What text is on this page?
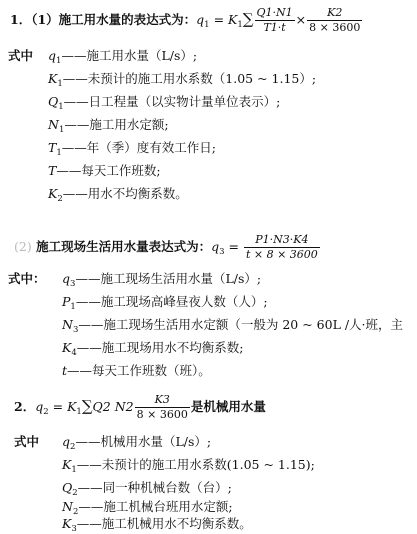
1．（1）施工用水量的表达式为：$q_1 = K_1\sum \frac{Q1\cdot N1}{T1\cdot t} \times \frac{K2}{8 \times 3600}$
式中 $q_1——$施工用水量（L/s）;
$K_1——$未预计的施工用水系数（1.05 ~ 1.15）;
$Q_1——$日工程量（以实物计量单位表示）;
$N_1——$施工用水定额;
$T_1——$年（季）度有效工作日;
T——每天工作班数;
$K_2——$用水不均衡系数。
(2) 施工现场生活用水量表达式为：$q_3 = \frac{P1\cdot N3\cdot K4}{t \times 8 \times 3600}$
式中： $q_3——$施工现场生活用水量（L/s）;
$P_1——$施工现场高峰昼夜人数（人）;
$N_3——$施工现场生活用水定额（一般为 20 ~ 60L /人·班，主
$K_4——$施工现场用水不均衡系数;
t——每天工作班数（班）。
2．$q_2 = K_1\sum Q2$ $N2 \frac{K3}{8 \times 3600}$ 是机械用水量
式中 $q_2——$机械用水量（L/s）;
$K_1——$未预计的施工用水系数(1.05 ~ 1.15);
$Q_2——$同一种机械台数（台）;
$N_2——$施工机械台班用水定额;
$K_3——$施工机械用水不均衡系数。
